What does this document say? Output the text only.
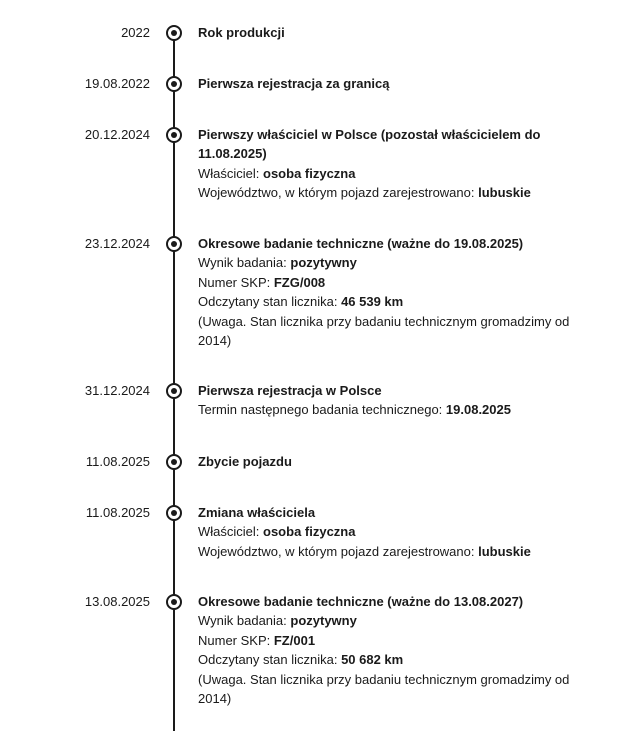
2022	Rok produkcji

19.08.2022	Pierwsza rejestracja za granicą

20.12.2024	Pierwszy właściciel w Polsce (pozostał właścicielem do 11.08.2025)

Właściciel: osoba fizyczna

Województwo, w którym pojazd zarejestrowano: lubuskie

23.12.2024	Okresowe badanie techniczne (ważne do 19.08.2025)

Wynik badania: pozytywny

Numer SKP: FZG/008

Odczytany stan licznika: 46 539 km

(Uwaga. Stan licznika przy badaniu technicznym gromadzimy od 2014)

31.12.2024	Pierwsza rejestracja w Polsce

Termin następnego badania technicznego: 19.08.2025

11.08.2025	Zbycie pojazdu

11.08.2025	Zmiana właściciela

Właściciel: osoba fizyczna

Województwo, w którym pojazd zarejestrowano: lubuskie

13.08.2025	Okresowe badanie techniczne (ważne do 13.08.2027)

Wynik badania: pozytywny

Numer SKP: FZ/001

Odczytany stan licznika: 50 682 km

(Uwaga. Stan licznika przy badaniu technicznym gromadzimy od 2014)
